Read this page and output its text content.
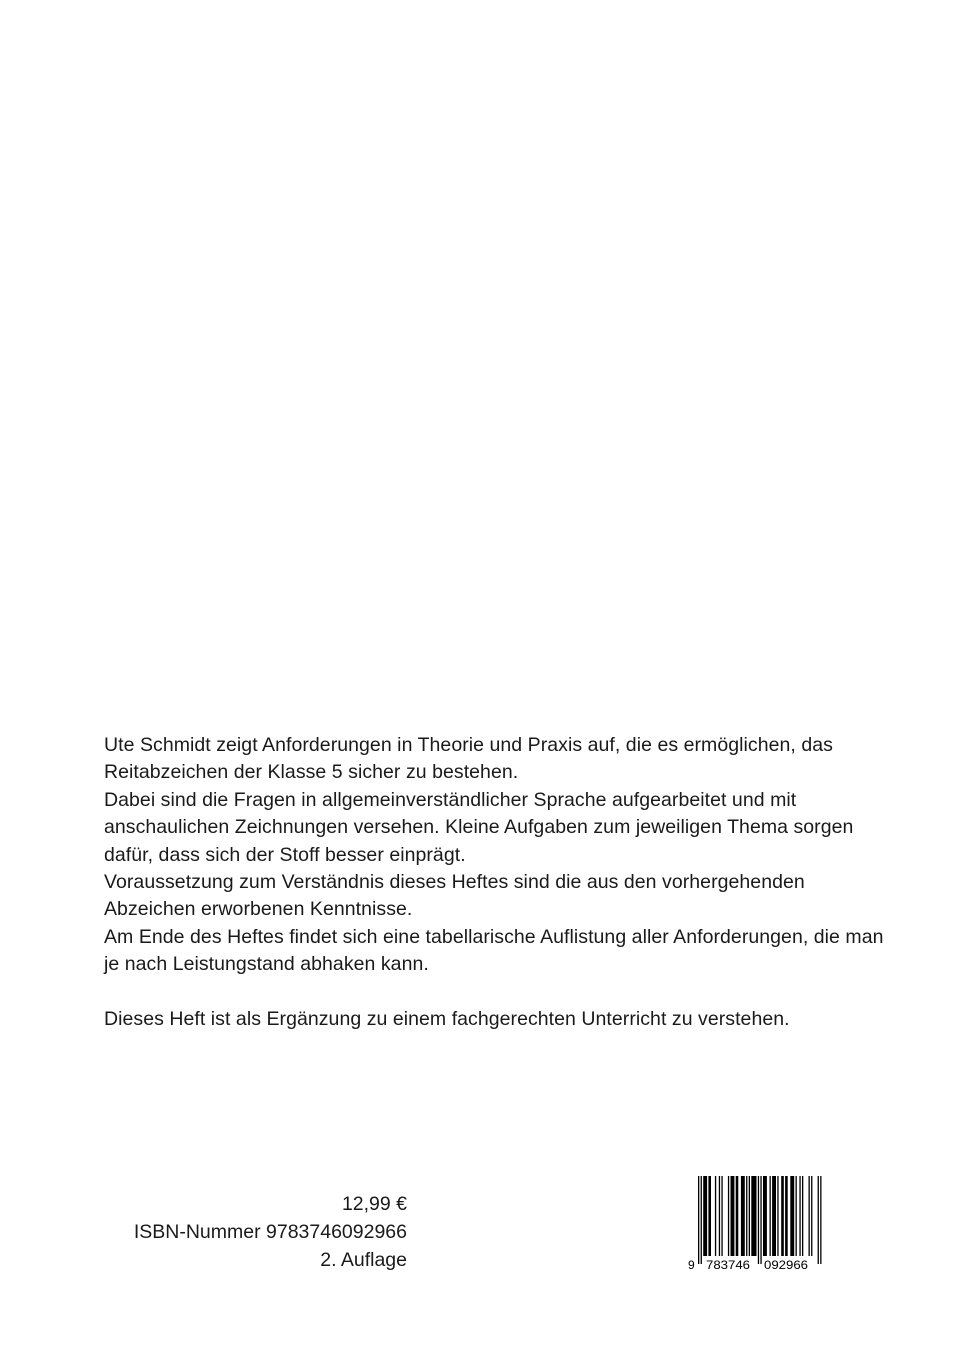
Ute Schmidt zeigt Anforderungen in Theorie und Praxis auf, die es ermöglichen, das Reitabzeichen der Klasse 5 sicher zu bestehen.

Dabei sind die Fragen in allgemeinverständlicher Sprache aufgearbeitet und mit anschaulichen Zeichnungen versehen. Kleine Aufgaben zum jeweiligen Thema sorgen dafür, dass sich der Stoff besser einprägt.

Voraussetzung zum Verständnis dieses Heftes sind die aus den vorhergehenden Abzeichen erworbenen Kenntnisse.

Am Ende des Heftes findet sich eine tabellarische Auflistung aller Anforderungen, die man je nach Leistungstand abhaken kann.

Dieses Heft ist als Ergänzung zu einem fachgerechten Unterricht zu verstehen.

12,99 €
ISBN-Nummer 9783746092966
2. Auflage	9 783746 092966
